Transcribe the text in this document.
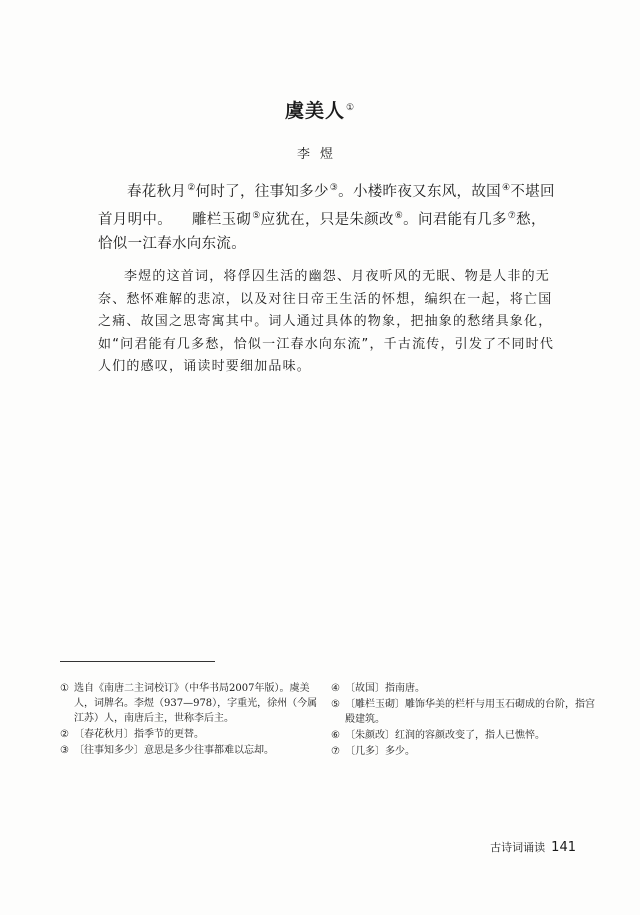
虞美人①
李煜

春花秋月②何时了，往事知多少③。小楼昨夜又东风，故国④不堪回首月明中。 雕栏玉砌⑤应犹在，只是朱颜改⑥。问君能有几多⑦愁，恰似一江春水向东流。

李煜的这首词，将俘囚生活的幽怨、月夜听风的无眠、物是人非的无奈、愁怀难解的悲凉，以及对往日帝王生活的怀想，编织在一起，将亡国之痛、故国之思寄寓其中。词人通过具体的物象，把抽象的愁绪具象化，如“问君能有几多愁，恰似一江春水向东流”，千古流传，引发了不同时代人们的感叹，诵读时要细加品味。

① 选自《南唐二主词校订》（中华书局2007年版）。虞美人，词牌名。李煜（937—978），字重光，徐州（今属江苏）人，南唐后主，世称李后主。
② 〔春花秋月〕指季节的更替。
③ 〔往事知多少〕意思是多少往事都难以忘却。
④ 〔故国〕指南唐。
⑤ 〔雕栏玉砌〕雕饰华美的栏杆与用玉石砌成的台阶，指宫殿建筑。
⑥ 〔朱颜改〕红润的容颜改变了，指人已憔悴。
⑦ 〔几多〕多少。
古诗词诵读 141
